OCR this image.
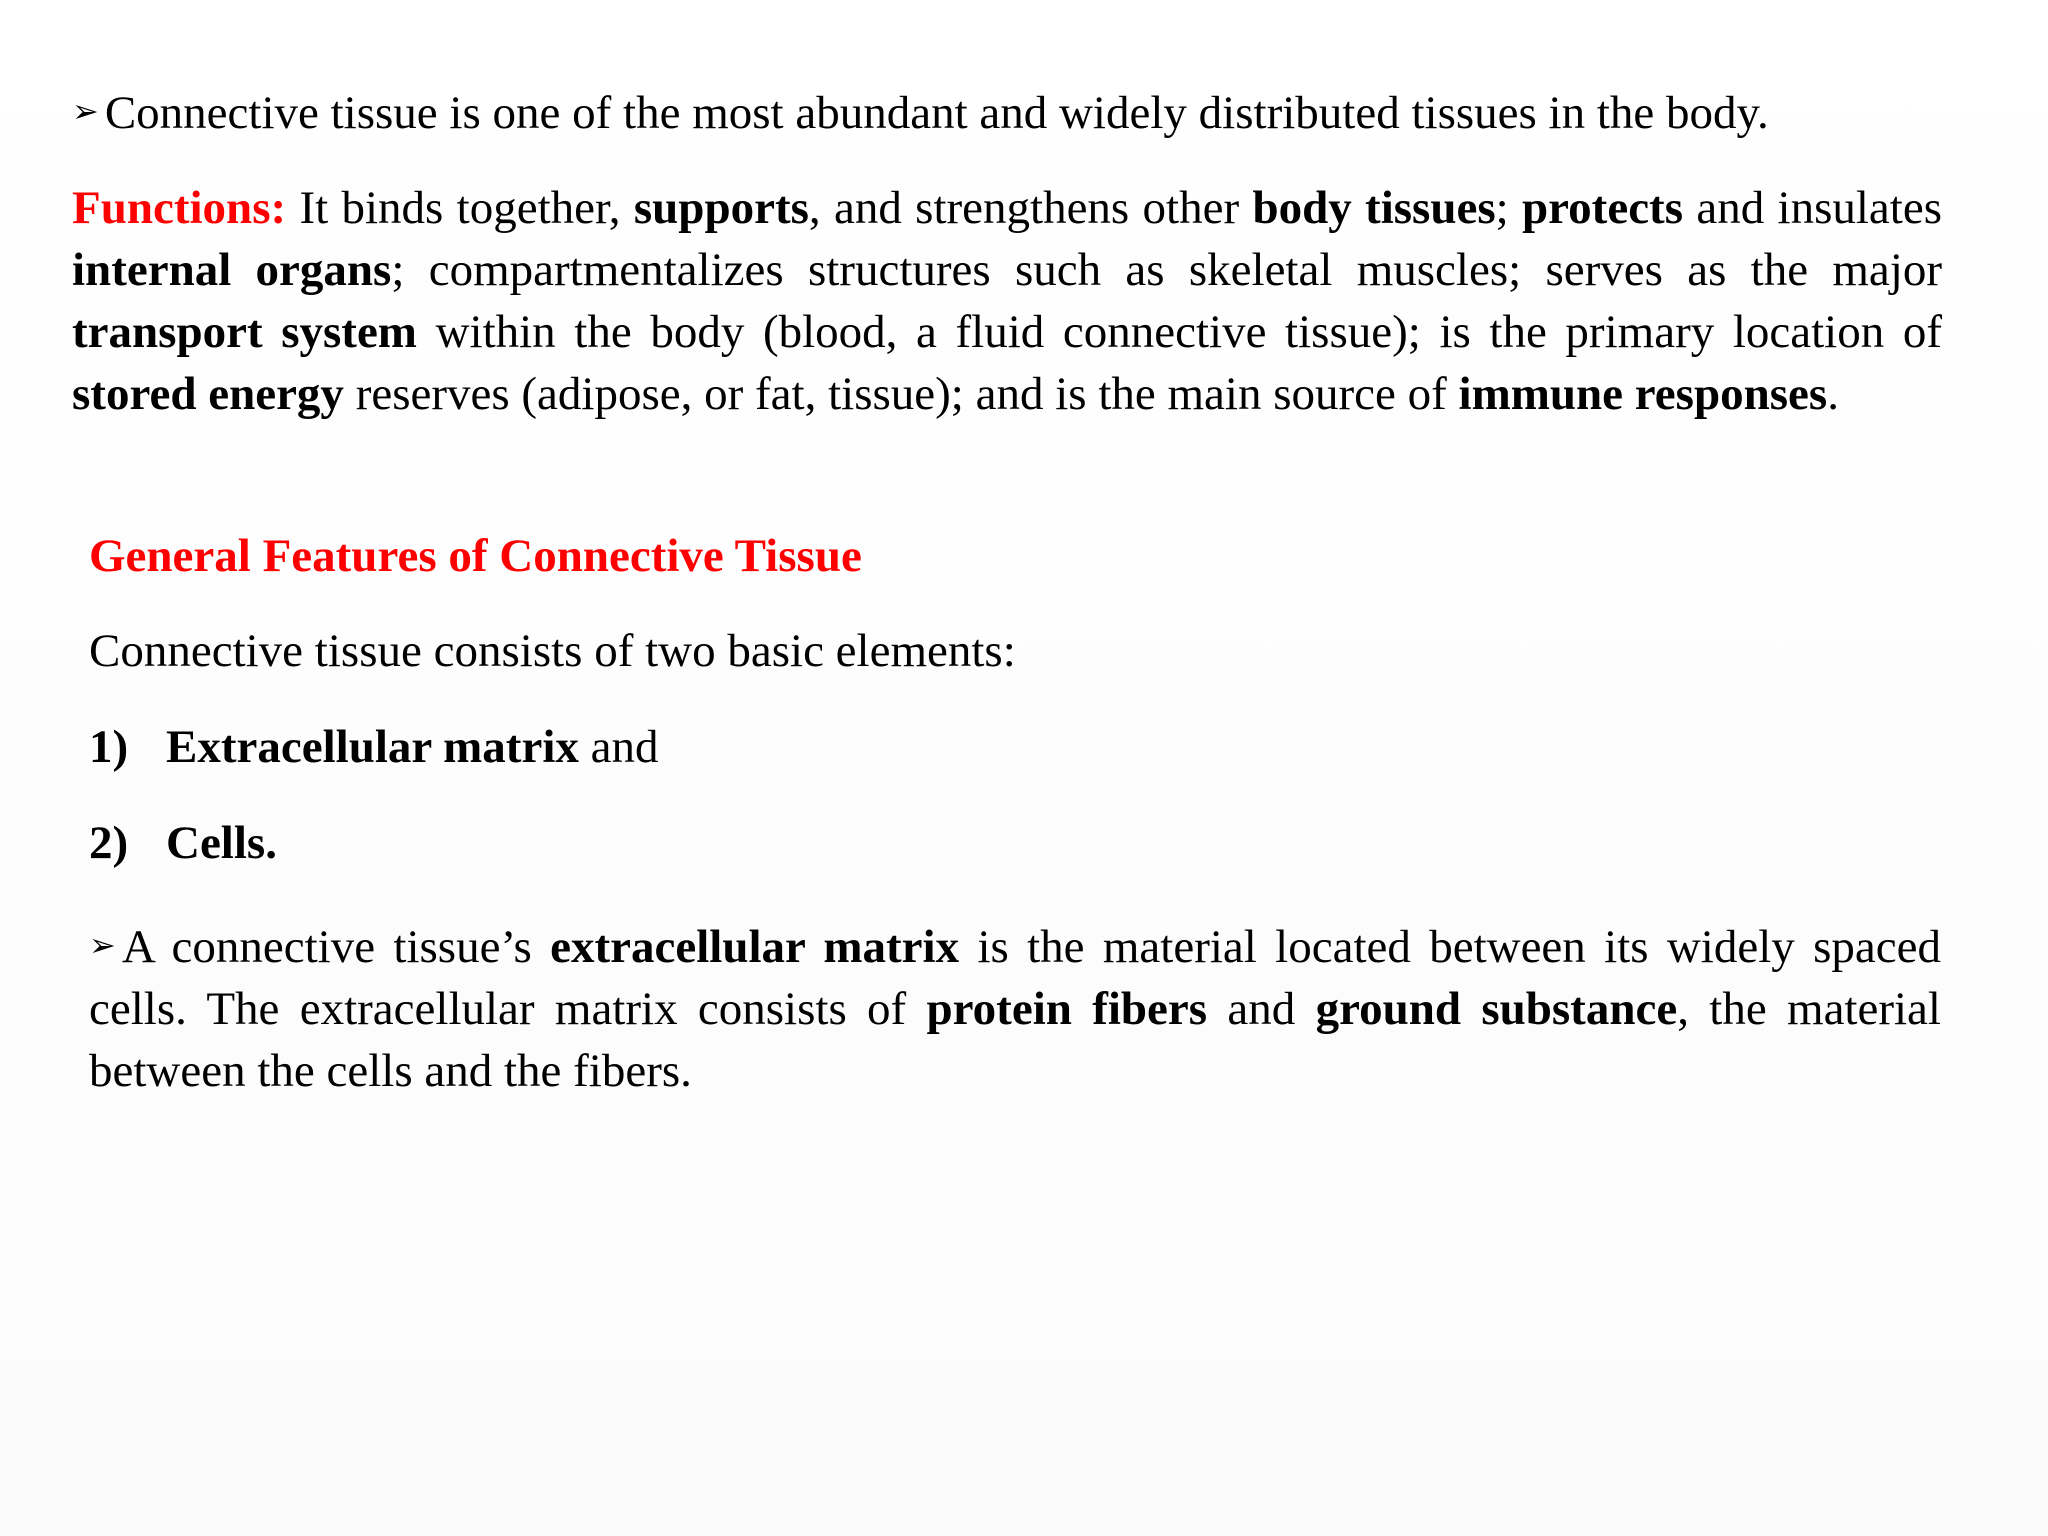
➢ Connective tissue is one of the most abundant and widely distributed tissues in the body.
Functions: It binds together, supports, and strengthens other body tissues; protects and insulates internal organs; compartmentalizes structures such as skeletal muscles; serves as the major transport system within the body (blood, a fluid connective tissue); is the primary location of stored energy reserves (adipose, or fat, tissue); and is the main source of immune responses.
General Features of Connective Tissue
Connective tissue consists of two basic elements:
1) Extracellular matrix and
2) Cells.
➢ A connective tissue’s extracellular matrix is the material located between its widely spaced cells. The extracellular matrix consists of protein fibers and ground substance, the material between the cells and the fibers.
